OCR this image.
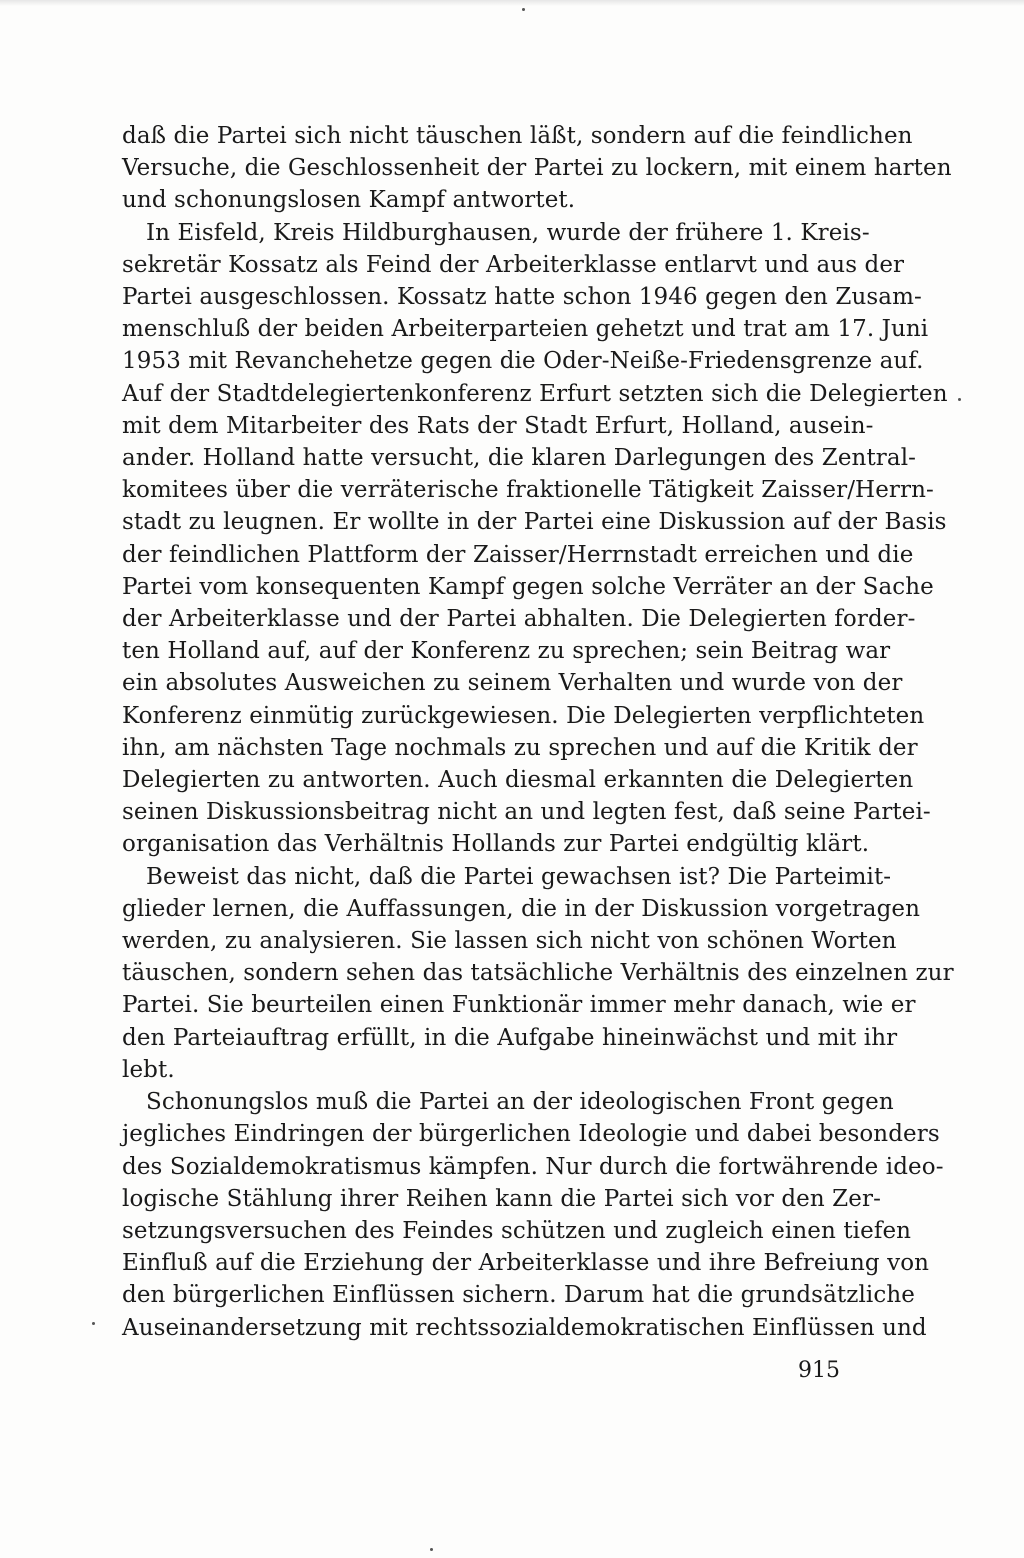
daß die Partei sich nicht täuschen läßt, sondern auf die feindlichen
Versuche, die Geschlossenheit der Partei zu lockern, mit einem harten
und schonungslosen Kampf antwortet.
In Eisfeld, Kreis Hildburghausen, wurde der frühere 1. Kreis-
sekretär Kossatz als Feind der Arbeiterklasse entlarvt und aus der
Partei ausgeschlossen. Kossatz hatte schon 1946 gegen den Zusam-
menschluß der beiden Arbeiterparteien gehetzt und trat am 17. Juni
1953 mit Revanchehetze gegen die Oder-Neiße-Friedensgrenze auf.
Auf der Stadtdelegiertenkonferenz Erfurt setzten sich die Delegierten
mit dem Mitarbeiter des Rats der Stadt Erfurt, Holland, ausein-
ander. Holland hatte versucht, die klaren Darlegungen des Zentral-
komitees über die verräterische fraktionelle Tätigkeit Zaisser/Herrn-
stadt zu leugnen. Er wollte in der Partei eine Diskussion auf der Basis
der feindlichen Plattform der Zaisser/Herrnstadt erreichen und die
Partei vom konsequenten Kampf gegen solche Verräter an der Sache
der Arbeiterklasse und der Partei abhalten. Die Delegierten forder-
ten Holland auf, auf der Konferenz zu sprechen; sein Beitrag war
ein absolutes Ausweichen zu seinem Verhalten und wurde von der
Konferenz einmütig zurückgewiesen. Die Delegierten verpflichteten
ihn, am nächsten Tage nochmals zu sprechen und auf die Kritik der
Delegierten zu antworten. Auch diesmal erkannten die Delegierten
seinen Diskussionsbeitrag nicht an und legten fest, daß seine Partei-
organisation das Verhältnis Hollands zur Partei endgültig klärt.
Beweist das nicht, daß die Partei gewachsen ist? Die Parteimit-
glieder lernen, die Auffassungen, die in der Diskussion vorgetragen
werden, zu analysieren. Sie lassen sich nicht von schönen Worten
täuschen, sondern sehen das tatsächliche Verhältnis des einzelnen zur
Partei. Sie beurteilen einen Funktionär immer mehr danach, wie er
den Parteiauftrag erfüllt, in die Aufgabe hineinwächst und mit ihr
lebt.
Schonungslos muß die Partei an der ideologischen Front gegen
jegliches Eindringen der bürgerlichen Ideologie und dabei besonders
des Sozialdemokratismus kämpfen. Nur durch die fortwährende ideo-
logische Stählung ihrer Reihen kann die Partei sich vor den Zer-
setzungsversuchen des Feindes schützen und zugleich einen tiefen
Einfluß auf die Erziehung der Arbeiterklasse und ihre Befreiung von
den bürgerlichen Einflüssen sichern. Darum hat die grundsätzliche
Auseinandersetzung mit rechtssozialdemokratischen Einflüssen und
915
